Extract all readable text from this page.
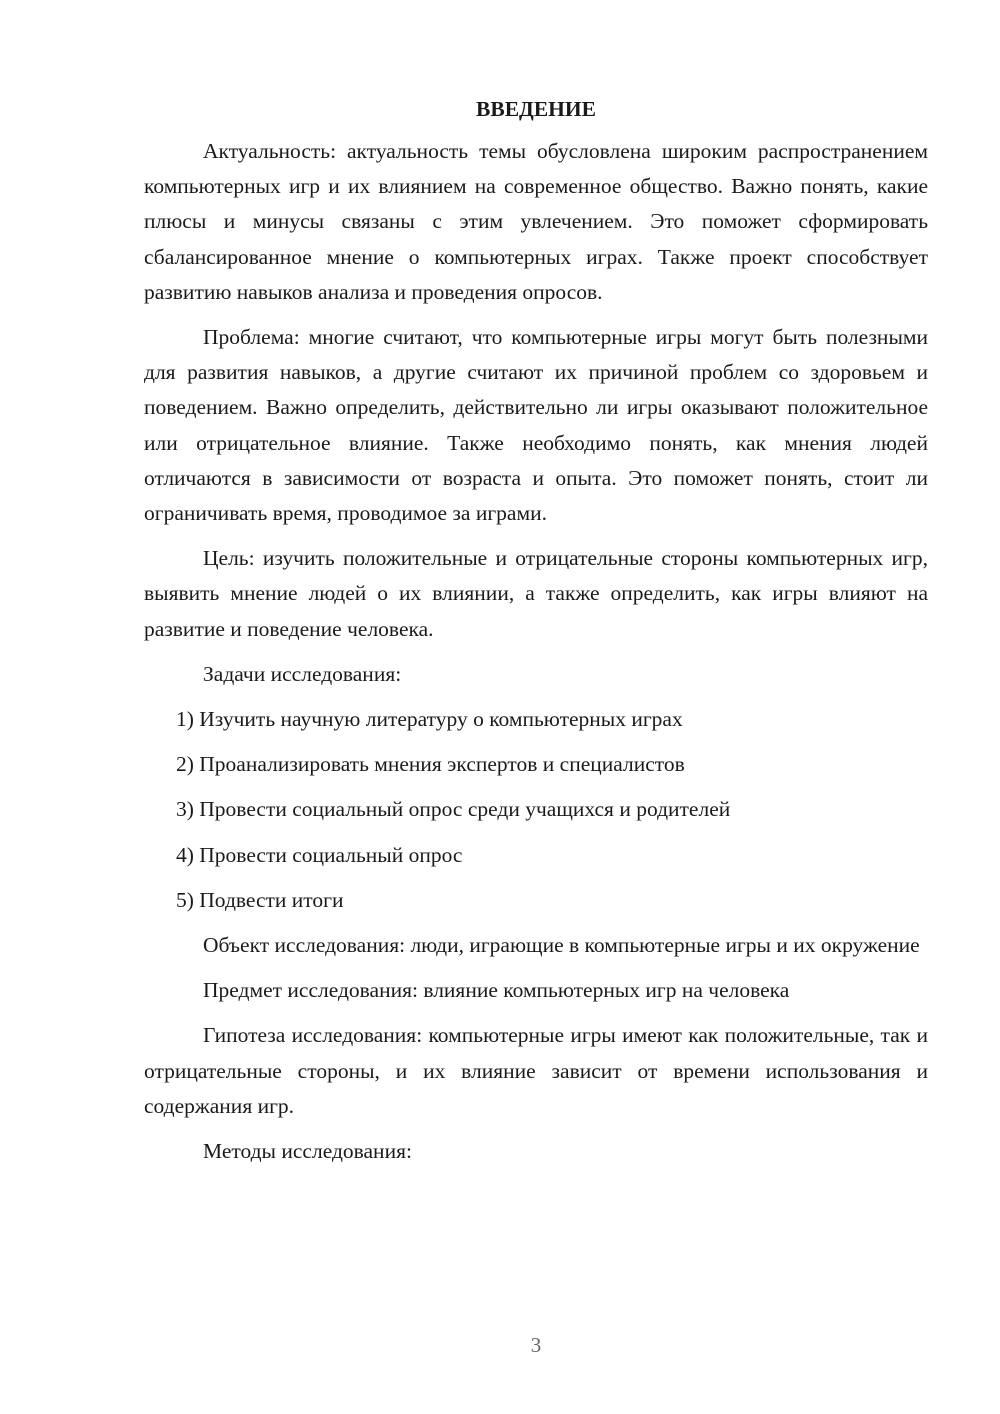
ВВЕДЕНИЕ

Актуальность: актуальность темы обусловлена широким распространением компьютерных игр и их влиянием на современное общество. Важно понять, какие плюсы и минусы связаны с этим увлечением. Это поможет сформировать сбалансированное мнение о компьютерных играх. Также проект способствует развитию навыков анализа и проведения опросов.

Проблема: многие считают, что компьютерные игры могут быть полезными для развития навыков, а другие считают их причиной проблем со здоровьем и поведением. Важно определить, действительно ли игры оказывают положительное или отрицательное влияние. Также необходимо понять, как мнения людей отличаются в зависимости от возраста и опыта. Это поможет понять, стоит ли ограничивать время, проводимое за играми.

Цель: изучить положительные и отрицательные стороны компьютерных игр, выявить мнение людей о их влиянии, а также определить, как игры влияют на развитие и поведение человека.

Задачи исследования:

1) Изучить научную литературу о компьютерных играх
2) Проанализировать мнения экспертов и специалистов
3) Провести социальный опрос среди учащихся и родителей
4) Провести социальный опрос
5) Подвести итоги

Объект исследования: люди, играющие в компьютерные игры и их окружение

Предмет исследования: влияние компьютерных игр на человека

Гипотеза исследования: компьютерные игры имеют как положительные, так и отрицательные стороны, и их влияние зависит от времени использования и содержания игр.

Методы исследования:

3
